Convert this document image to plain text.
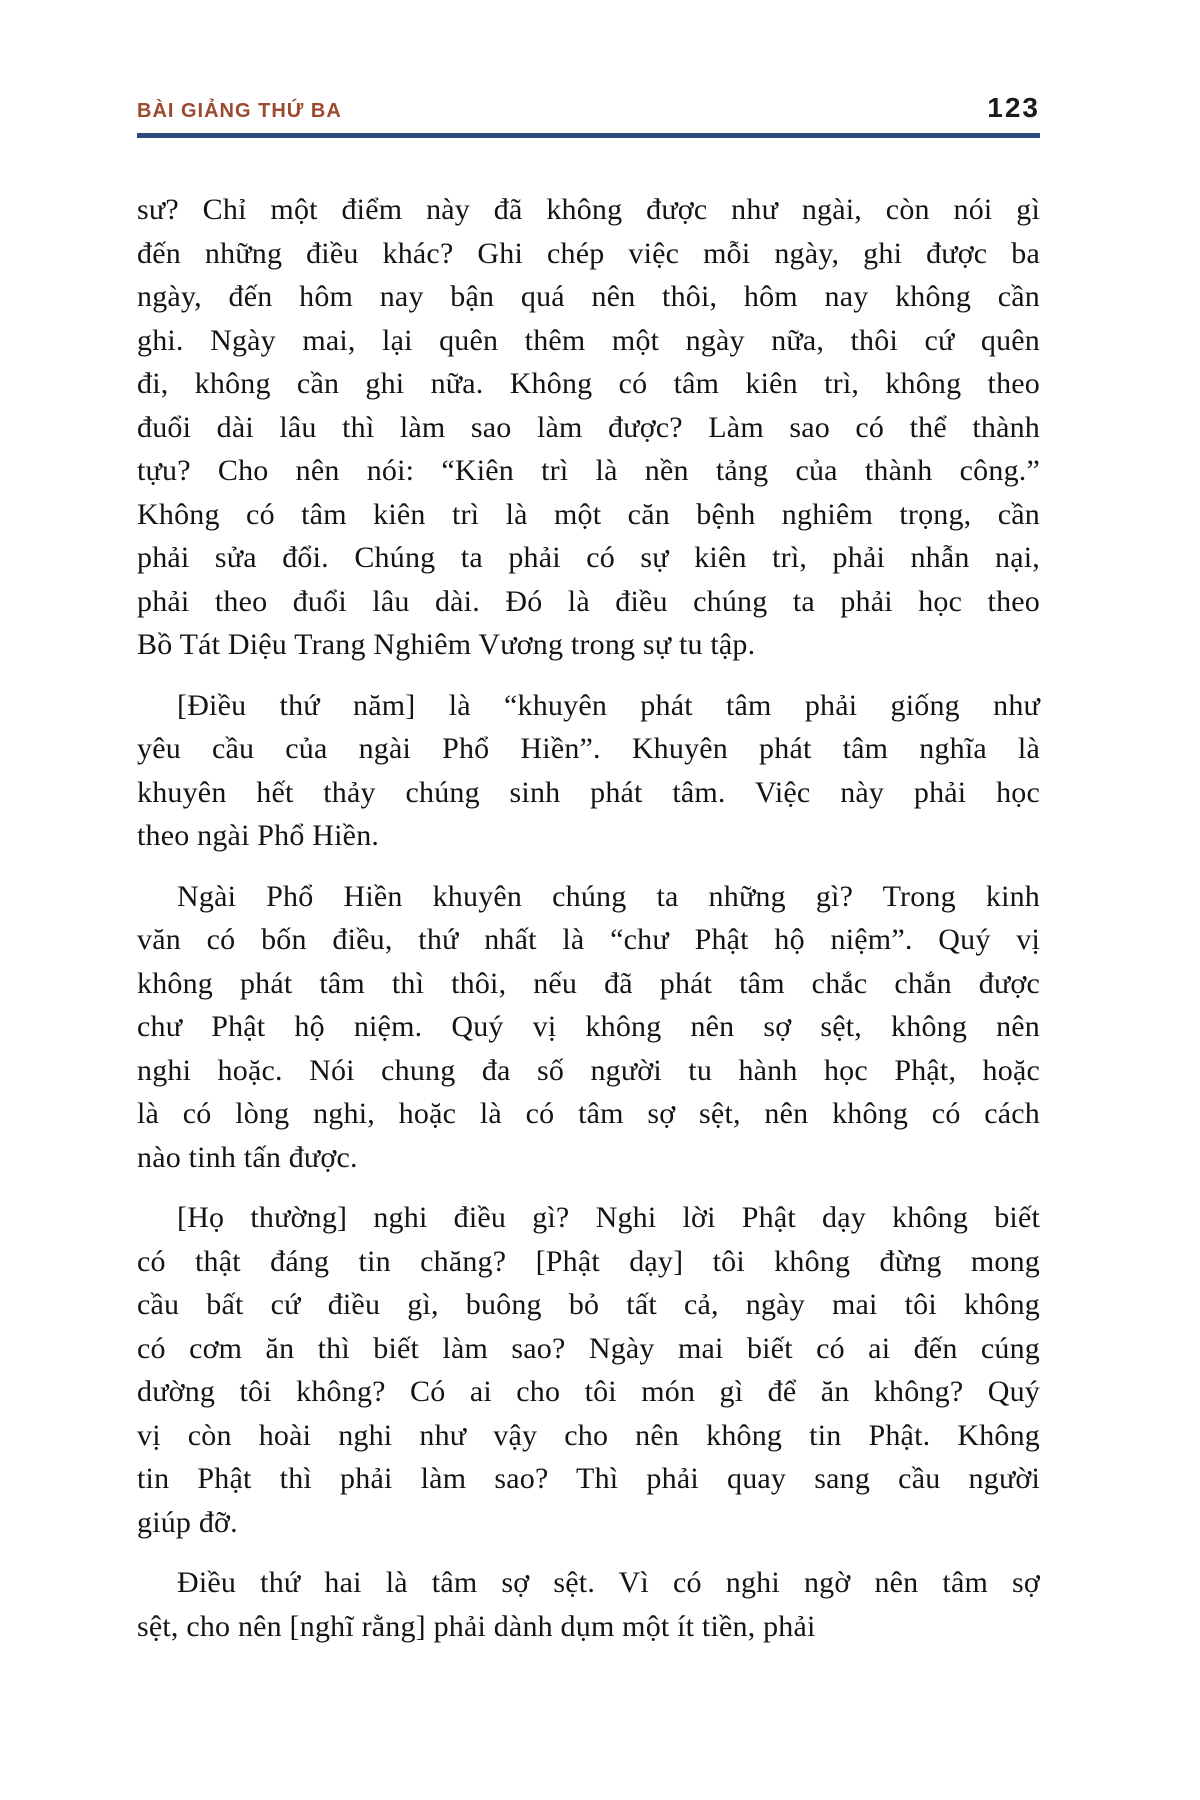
BÀI GIẢNG THỨ BA	123
sư? Chỉ một điểm này đã không được như ngài, còn nói gì
đến những điều khác? Ghi chép việc mỗi ngày, ghi được ba
ngày, đến hôm nay bận quá nên thôi, hôm nay không cần
ghi. Ngày mai, lại quên thêm một ngày nữa, thôi cứ quên
đi, không cần ghi nữa. Không có tâm kiên trì, không theo
đuổi dài lâu thì làm sao làm được? Làm sao có thể thành
tựu? Cho nên nói: “Kiên trì là nền tảng của thành công.”
Không có tâm kiên trì là một căn bệnh nghiêm trọng, cần
phải sửa đổi. Chúng ta phải có sự kiên trì, phải nhẫn nại,
phải theo đuổi lâu dài. Đó là điều chúng ta phải học theo
Bồ Tát Diệu Trang Nghiêm Vương trong sự tu tập.
[Điều thứ năm] là “khuyên phát tâm phải giống như
yêu cầu của ngài Phổ Hiền”. Khuyên phát tâm nghĩa là
khuyên hết thảy chúng sinh phát tâm. Việc này phải học
theo ngài Phổ Hiền.
Ngài Phổ Hiền khuyên chúng ta những gì? Trong kinh
văn có bốn điều, thứ nhất là “chư Phật hộ niệm”. Quý vị
không phát tâm thì thôi, nếu đã phát tâm chắc chắn được
chư Phật hộ niệm. Quý vị không nên sợ sệt, không nên
nghi hoặc. Nói chung đa số người tu hành học Phật, hoặc
là có lòng nghi, hoặc là có tâm sợ sệt, nên không có cách
nào tinh tấn được.
[Họ thường] nghi điều gì? Nghi lời Phật dạy không biết
có thật đáng tin chăng? [Phật dạy] tôi không đừng mong
cầu bất cứ điều gì, buông bỏ tất cả, ngày mai tôi không
có cơm ăn thì biết làm sao? Ngày mai biết có ai đến cúng
dường tôi không? Có ai cho tôi món gì để ăn không? Quý
vị còn hoài nghi như vậy cho nên không tin Phật. Không
tin Phật thì phải làm sao? Thì phải quay sang cầu người
giúp đỡ.
Điều thứ hai là tâm sợ sệt. Vì có nghi ngờ nên tâm sợ
sệt, cho nên [nghĩ rằng] phải dành dụm một ít tiền, phải
